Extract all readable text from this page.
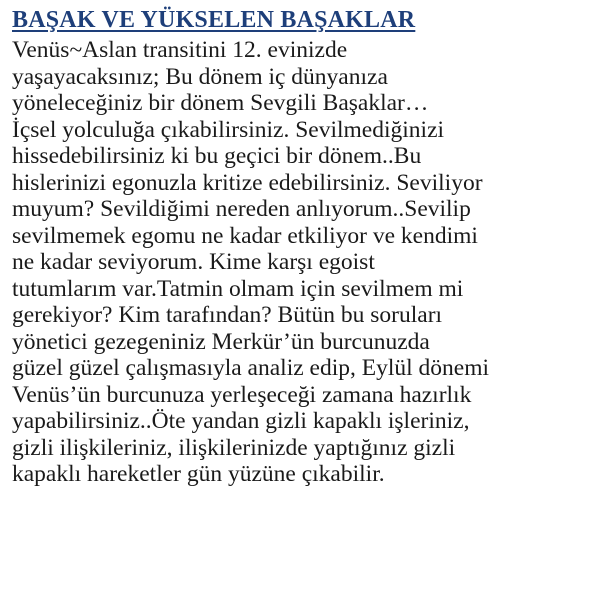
BAŞAK VE YÜKSELEN BAŞAKLAR
Venüs~Aslan transitini 12. evinizde
yaşayacaksınız; Bu dönem iç dünyanıza
yöneleceğiniz bir dönem Sevgili Başaklar…
İçsel yolculuğa çıkabilirsiniz. Sevilmediğinizi
hissedebilirsiniz ki bu geçici bir dönem..Bu
hislerinizi egonuzla kritize edebilirsiniz. Seviliyor
muyum? Sevildiğimi nereden anlıyorum..Sevilip
sevilmemek egomu ne kadar etkiliyor ve kendimi
ne kadar seviyorum. Kime karşı egoist
tutumlarım var.Tatmin olmam için sevilmem mi
gerekiyor? Kim tarafından? Bütün bu soruları
yönetici gezegeniniz Merkür’ün burcunuzda
güzel güzel çalışmasıyla analiz edip, Eylül dönemi
Venüs’ün burcunuza yerleşeceği zamana hazırlık
yapabilirsiniz..Öte yandan gizli kapaklı işleriniz,
gizli ilişkileriniz, ilişkilerinizde yaptığınız gizli
kapaklı hareketler gün yüzüne çıkabilir.
